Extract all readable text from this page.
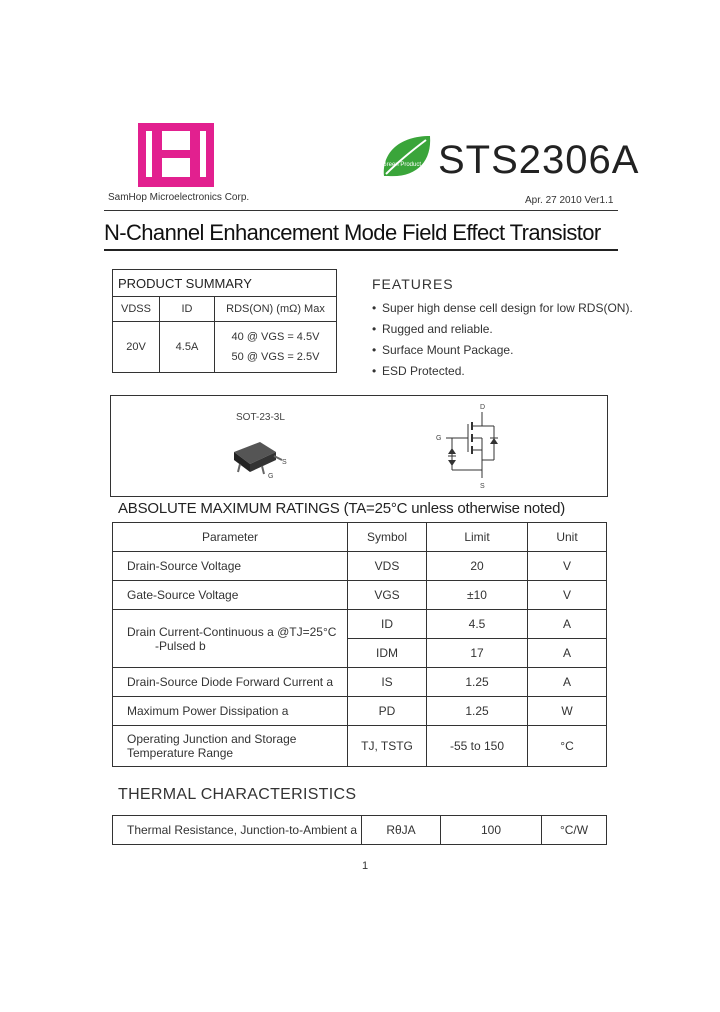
SamHop Microelectronics Corp.
Green Product STS2306A
Apr. 27 2010 Ver1.1
N-Channel Enhancement Mode Field Effect Transistor
PRODUCT SUMMARY		
VDSS	ID	RDS(ON) (mΩ) Max
20V	4.5A	40 @ VGS = 4.5V
50 @ VGS = 2.5V
FEATURES
• Super high dense cell design for low RDS(ON).
• Rugged and reliable.
• Surface Mount Package.
• ESD Protected.
SOT-23-3L
S
G
D
G
S
ABSOLUTE MAXIMUM RATINGS (TA=25°C unless otherwise noted)
Parameter	Symbol	Limit	Unit
Drain-Source Voltage	VDS	20	V
Gate-Source Voltage	VGS	±10	V

Drain Current-Continuous a @TJ=25°C
-Pulsed b	ID	4.5	A
	IDM	17	A
Drain-Source Diode Forward Current a	IS	1.25	A
Maximum Power Dissipation a	PD	1.25	W

Operating Junction and Storage
Temperature Range	TJ, TSTG	-55 to 150	°C
THERMAL CHARACTERISTICS
Thermal Resistance, Junction-to-Ambient a	RθJA	100	°C/W
1
